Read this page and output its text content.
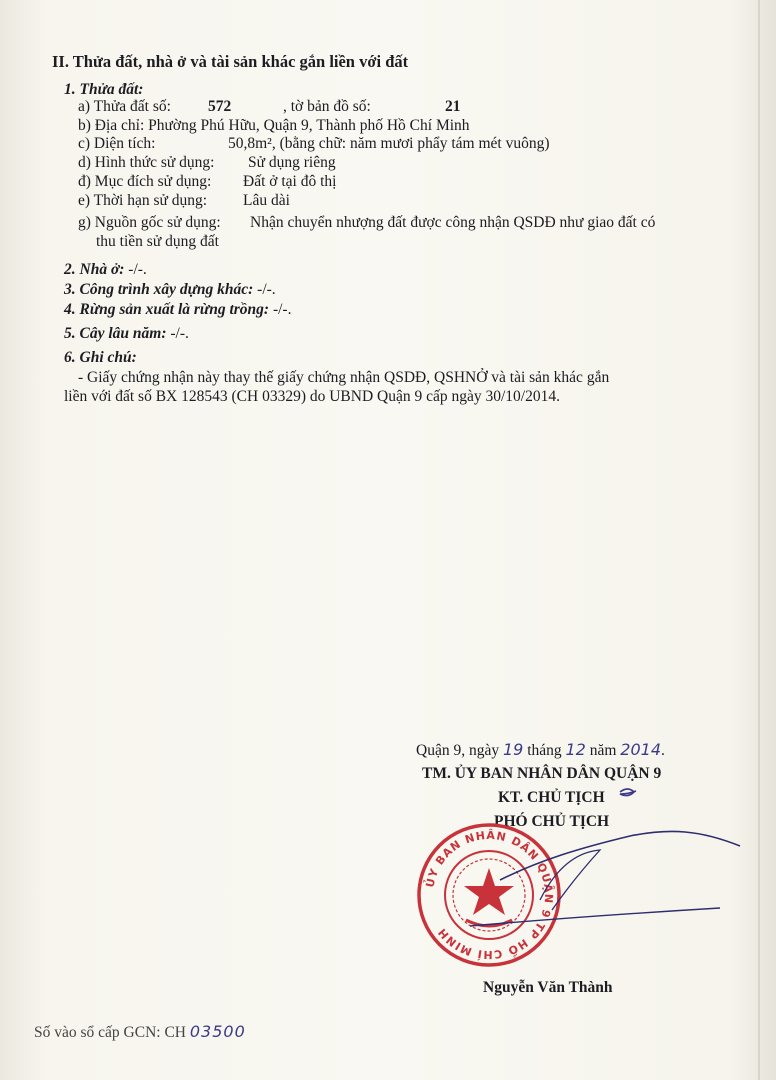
II. Thửa đất, nhà ở và tài sản khác gắn liền với đất
1. Thửa đất:
a) Thửa đất số: 572	, tờ bản đồ số:	21
b) Địa chỉ: Phường Phú Hữu, Quận 9, Thành phố Hồ Chí Minh
c) Diện tích:	50,8m², (bằng chữ: năm mươi phẩy tám mét vuông)
d) Hình thức sử dụng: Sử dụng riêng
đ) Mục đích sử dụng: Đất ở tại đô thị
e) Thời hạn sử dụng: Lâu dài
g) Nguồn gốc sử dụng: Nhận chuyển nhượng đất được công nhận QSDĐ như giao đất có
thu tiền sử dụng đất
2. Nhà ở: -/-.
3. Công trình xây dựng khác: -/-.
4. Rừng sản xuất là rừng trồng: -/-.
5. Cây lâu năm: -/-.
6. Ghi chú:
- Giấy chứng nhận này thay thế giấy chứng nhận QSDĐ, QSHNỞ và tài sản khác gắn
liền với đất số BX 128543 (CH 03329) do UBND Quận 9 cấp ngày 30/10/2014.
Quận 9, ngày 19 tháng 12 năm 2014.
TM. ỦY BAN NHÂN DÂN QUẬN 9
KT. CHỦ TỊCH
PHÓ CHỦ TỊCH
ỦY BAN NHÂN DÂN QUẬN 9 TP HỒ CHÍ MINH
Nguyễn Văn Thành
Số vào sổ cấp GCN: CH 03500
